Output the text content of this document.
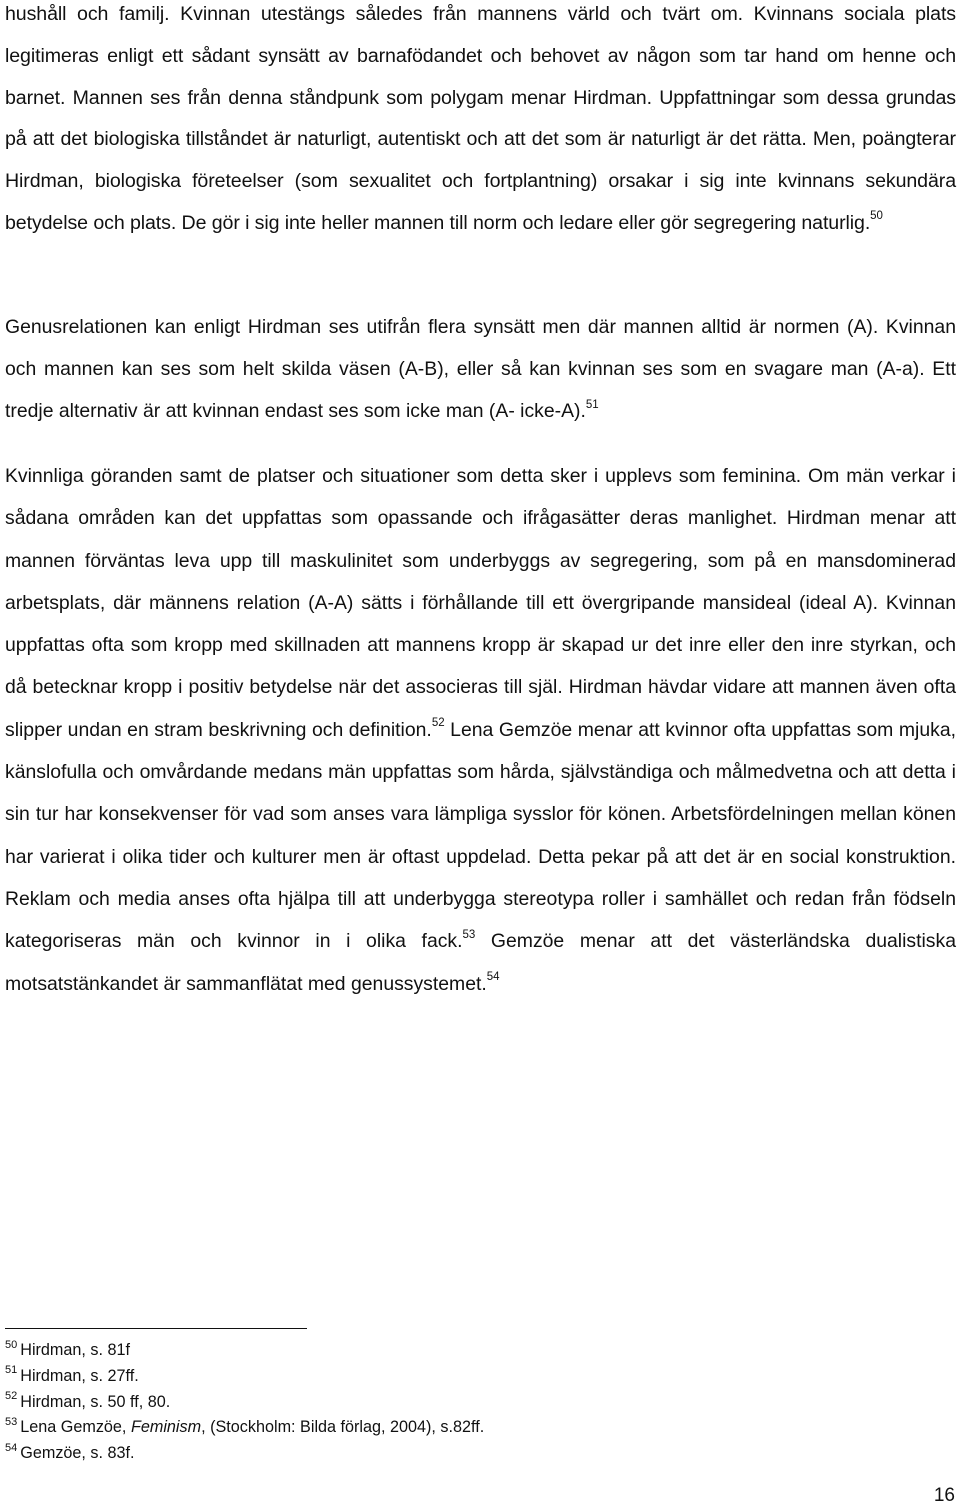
hushåll och familj. Kvinnan utestängs således från mannens värld och tvärt om. Kvinnans sociala plats legitimeras enligt ett sådant synsätt av barnafödandet och behovet av någon som tar hand om henne och barnet. Mannen ses från denna ståndpunk som polygam menar Hirdman. Uppfattningar som dessa grundas på att det biologiska tillståndet är naturligt, autentiskt och att det som är naturligt är det rätta. Men, poängterar Hirdman, biologiska företeelser (som sexualitet och fortplantning) orsakar i sig inte kvinnans sekundära betydelse och plats. De gör i sig inte heller mannen till norm och ledare eller gör segregering naturlig.$^{50}$

Genusrelationen kan enligt Hirdman ses utifrån flera synsätt men där mannen alltid är normen (A). Kvinnan och mannen kan ses som helt skilda väsen (A-B), eller så kan kvinnan ses som en svagare man (A-a). Ett tredje alternativ är att kvinnan endast ses som icke man (A- icke-A).$^{51}$

Kvinnliga göranden samt de platser och situationer som detta sker i upplevs som feminina. Om män verkar i sådana områden kan det uppfattas som opassande och ifrågasätter deras manlighet. Hirdman menar att mannen förväntas leva upp till maskulinitet som underbyggs av segregering, som på en mansdominerad arbetsplats, där männens relation (A-A) sätts i förhållande till ett övergripande mansideal (ideal A). Kvinnan uppfattas ofta som kropp med skillnaden att mannens kropp är skapad ur det inre eller den inre styrkan, och då betecknar kropp i positiv betydelse när det associeras till själ. Hirdman hävdar vidare att mannen även ofta slipper undan en stram beskrivning och definition.$^{52}$ Lena Gemzöe menar att kvinnor ofta uppfattas som mjuka, känslofulla och omvårdande medans män uppfattas som hårda, självständiga och målmedvetna och att detta i sin tur har konsekvenser för vad som anses vara lämpliga sysslor för könen. Arbetsfördelningen mellan könen har varierat i olika tider och kulturer men är oftast uppdelad. Detta pekar på att det är en social konstruktion. Reklam och media anses ofta hjälpa till att underbygga stereotypa roller i samhället och redan från födseln kategoriseras män och kvinnor in i olika fack.$^{53}$ Gemzöe menar att det västerländska dualistiska motsatstänkandet är sammanflätat med genussystemet.$^{54}$

$^{50}$ Hirdman, s. 81f

$^{51}$ Hirdman, s. 27ff.

$^{52}$ Hirdman, s. 50 ff, 80.

$^{53}$ Lena Gemzöe, Feminism, (Stockholm: Bilda förlag, 2004), s.82ff.

$^{54}$ Gemzöe, s. 83f.

16
